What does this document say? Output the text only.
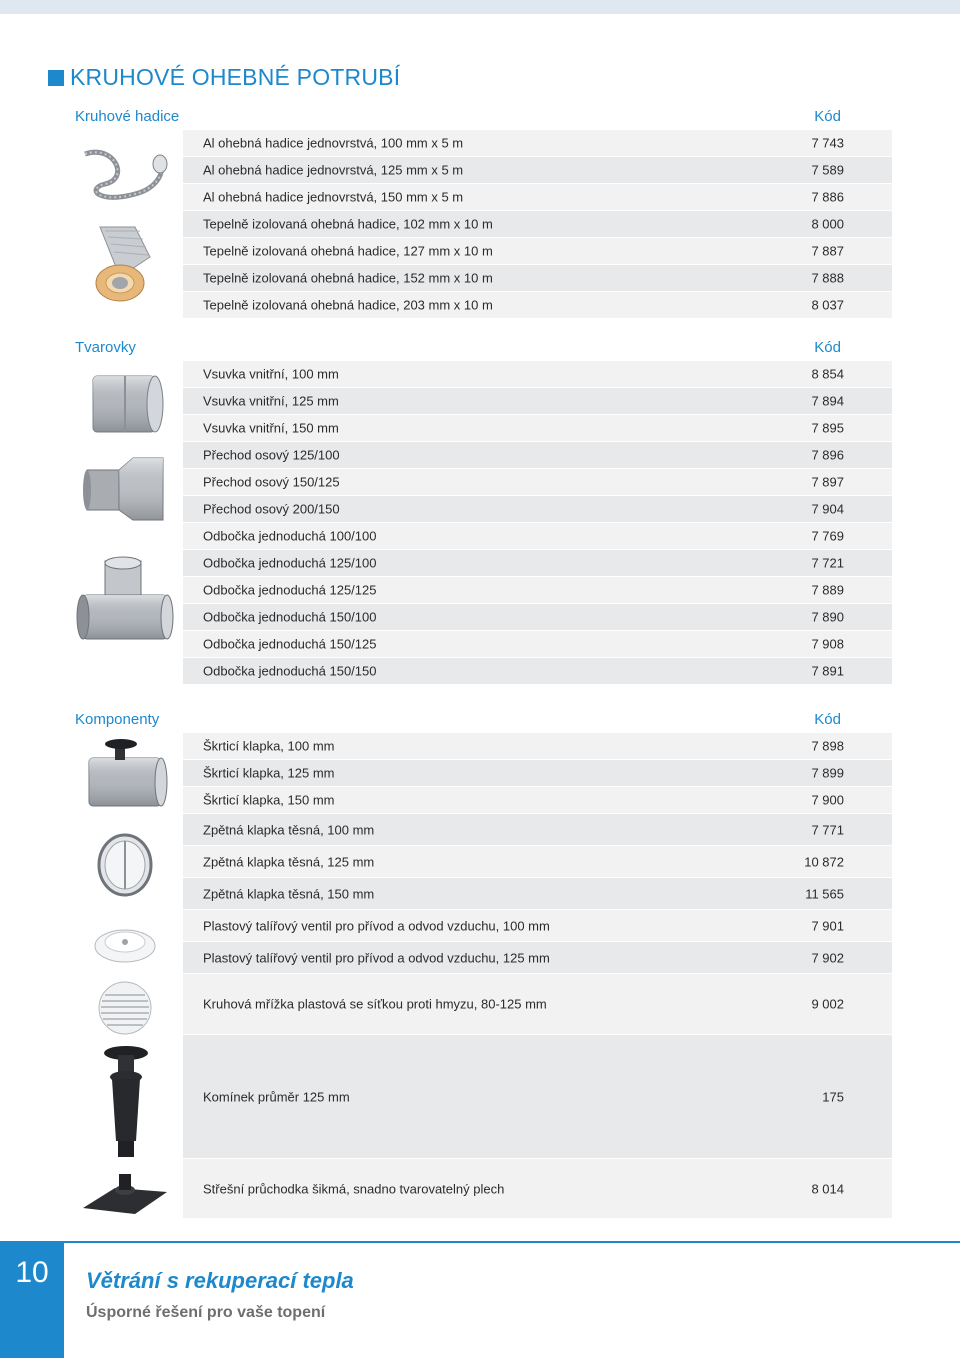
KRUHOVÉ OHEBNÉ POTRUBÍ
Kruhové hadice	Kód
Al ohebná hadice jednovrstvá, 100 mm x 5 m	7 743
Al ohebná hadice jednovrstvá, 125 mm x 5 m	7 589
Al ohebná hadice jednovrstvá, 150 mm x 5 m	7 886
Tepelně izolovaná ohebná hadice, 102 mm x 10 m	8 000
Tepelně izolovaná ohebná hadice, 127 mm x 10 m	7 887
Tepelně izolovaná ohebná hadice, 152 mm x 10 m	7 888
Tepelně izolovaná ohebná hadice, 203 mm x 10 m	8 037
Tvarovky	Kód
Vsuvka vnitřní, 100 mm	8 854
Vsuvka vnitřní, 125 mm	7 894
Vsuvka vnitřní, 150 mm	7 895
Přechod osový 125/100	7 896
Přechod osový 150/125	7 897
Přechod osový 200/150	7 904
Odbočka jednoduchá 100/100	7 769
Odbočka jednoduchá 125/100	7 721
Odbočka jednoduchá 125/125	7 889
Odbočka jednoduchá 150/100	7 890
Odbočka jednoduchá 150/125	7 908
Odbočka jednoduchá 150/150	7 891
Komponenty	Kód
Škrticí klapka, 100 mm	7 898
Škrticí klapka, 125 mm	7 899
Škrticí klapka, 150 mm	7 900
Zpětná klapka těsná, 100 mm	7 771
Zpětná klapka těsná, 125 mm	10 872
Zpětná klapka těsná, 150 mm	11 565
Plastový talířový ventil pro přívod a odvod vzduchu, 100 mm	7 901
Plastový talířový ventil pro přívod a odvod vzduchu, 125 mm	7 902
Kruhová mřížka plastová se síťkou proti hmyzu, 80-125 mm	9 002
Komínek průměr 125 mm	175
Střešní průchodka šikmá, snadno tvarovatelný plech	8 014
10	Větrání s rekuperací tepla
Úsporné řešení pro vaše topení
